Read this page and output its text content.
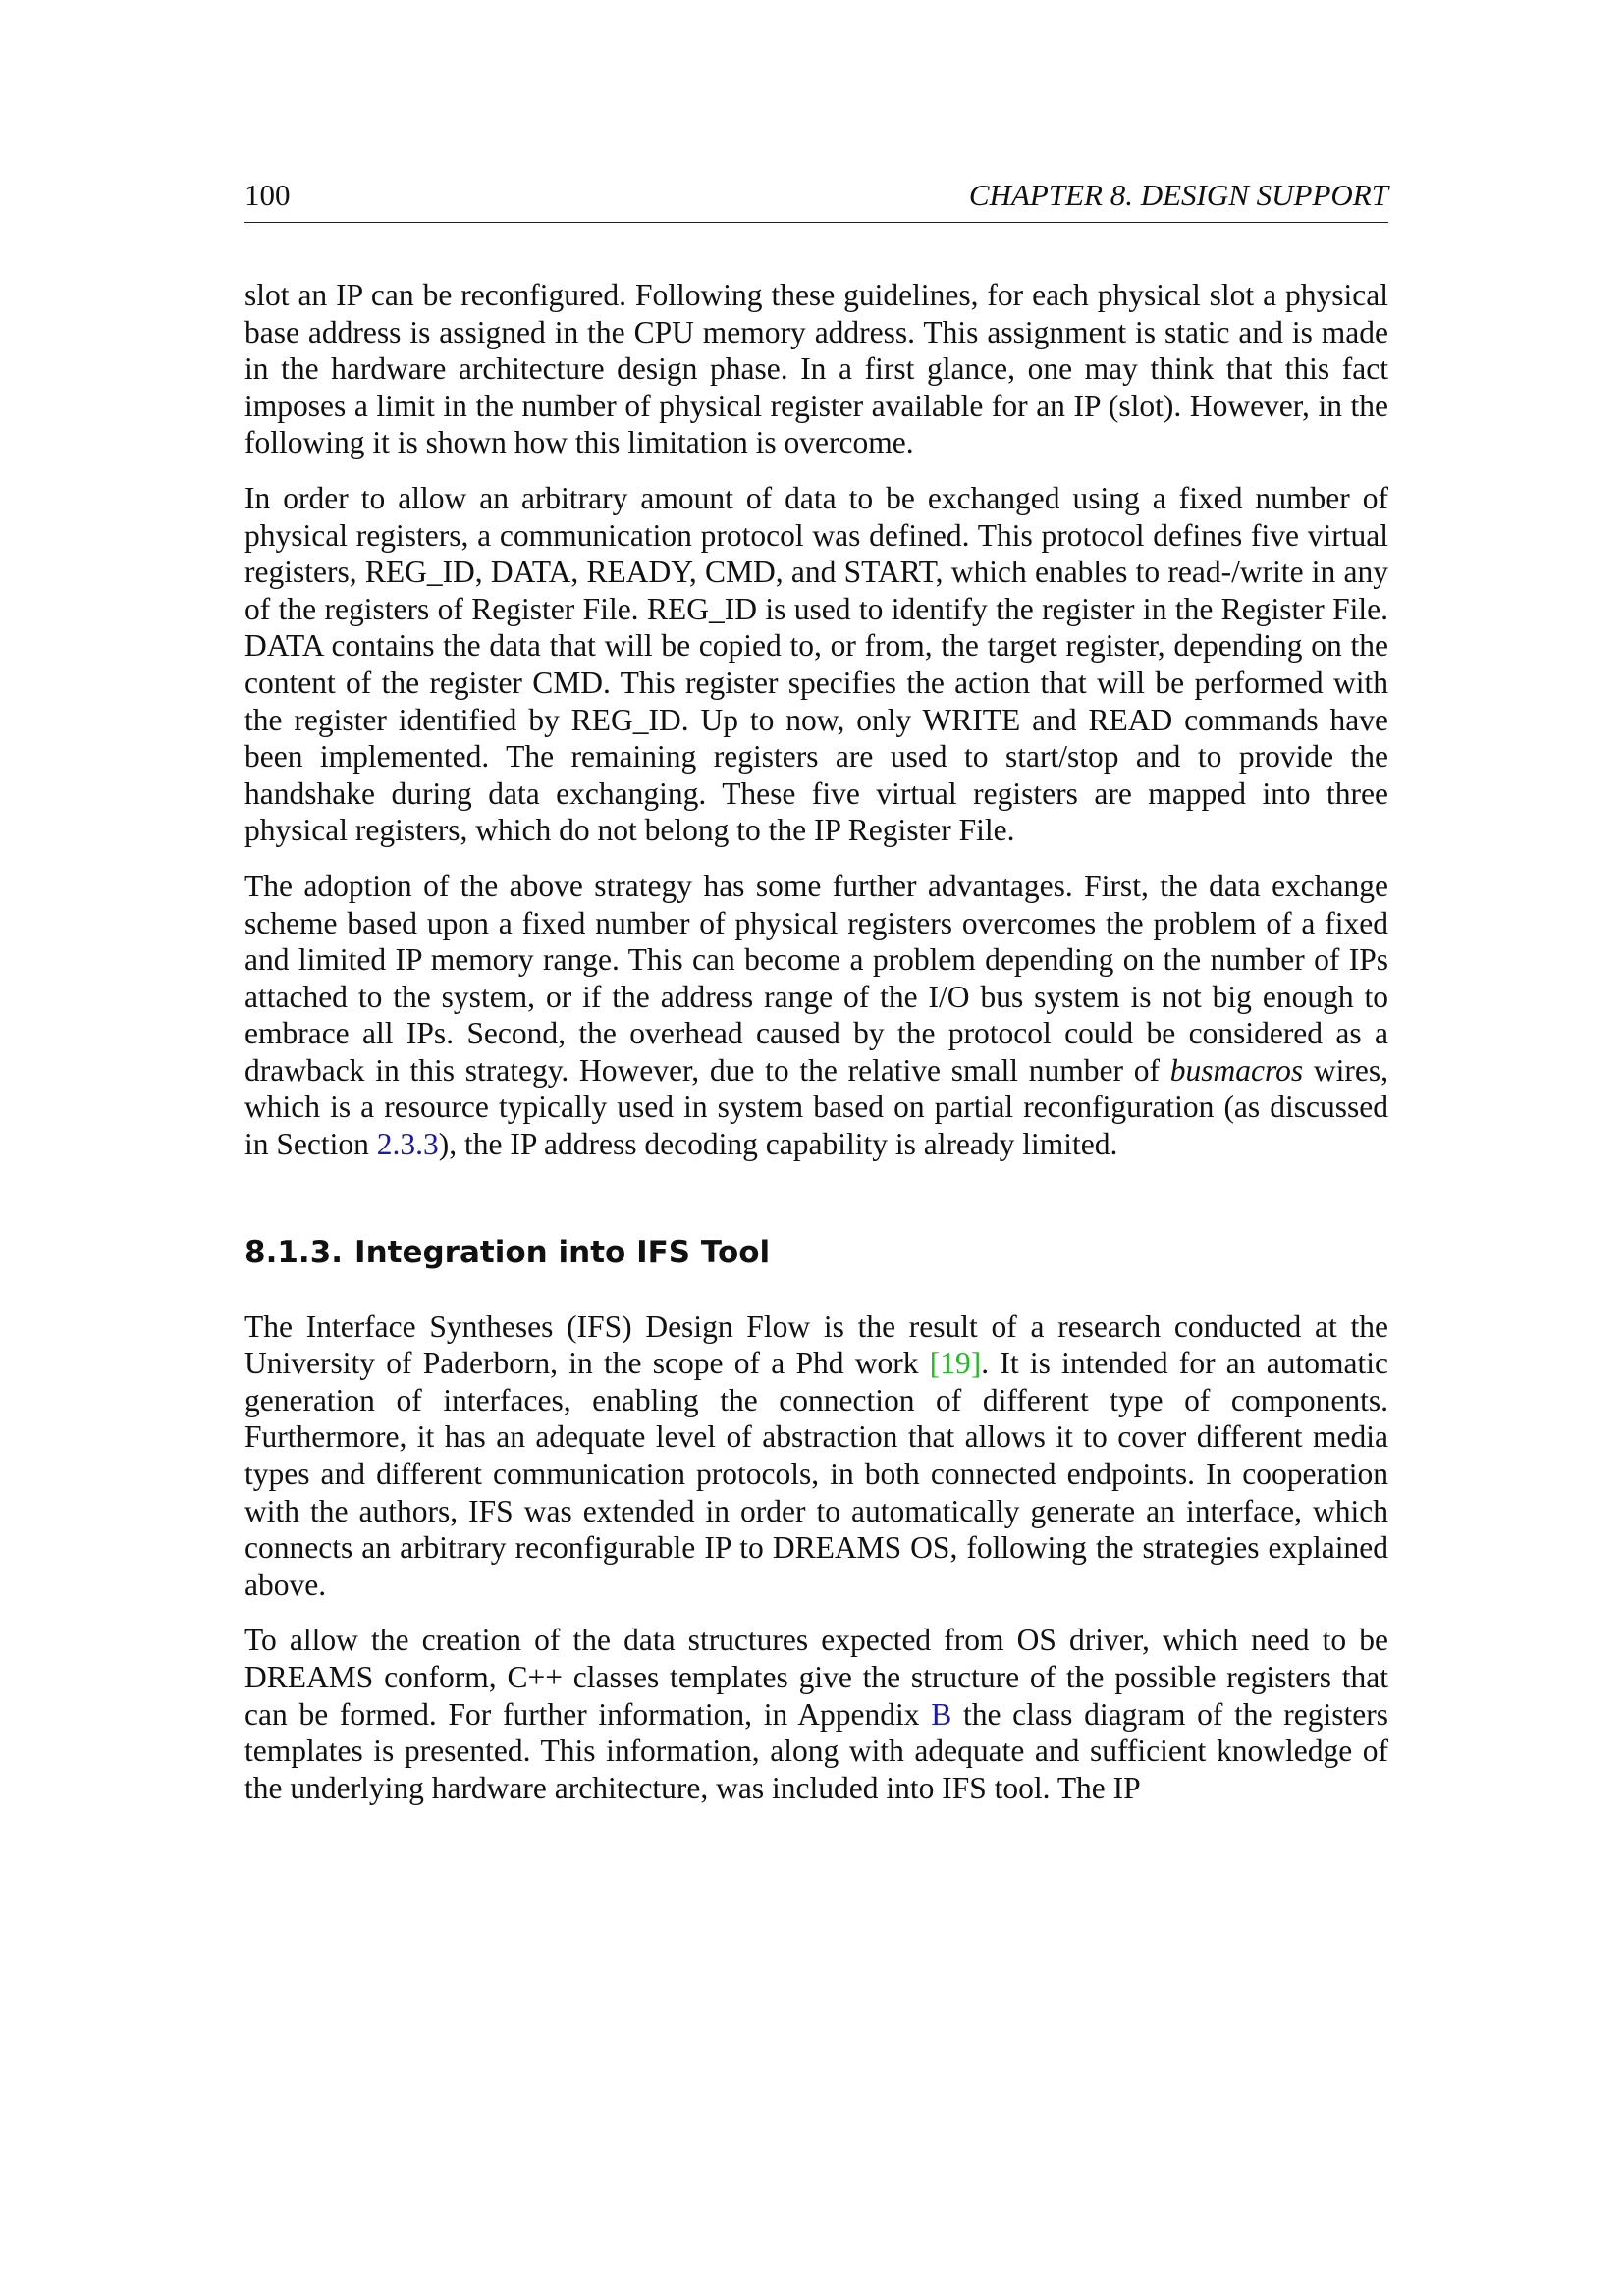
100	CHAPTER 8. DESIGN SUPPORT

slot an IP can be reconfigured. Following these guidelines, for each physical slot a physical base address is assigned in the CPU memory address. This assignment is static and is made in the hardware architecture design phase. In a first glance, one may think that this fact imposes a limit in the number of physical register available for an IP (slot). However, in the following it is shown how this limitation is overcome.

In order to allow an arbitrary amount of data to be exchanged using a fixed number of physical registers, a communication protocol was defined. This protocol defines five virtual registers, REG_ID, DATA, READY, CMD, and START, which enables to read-/write in any of the registers of Register File. REG_ID is used to identify the register in the Register File. DATA contains the data that will be copied to, or from, the target register, depending on the content of the register CMD. This register specifies the action that will be performed with the register identified by REG_ID. Up to now, only WRITE and READ commands have been implemented. The remaining registers are used to start/stop and to provide the handshake during data exchanging. These five virtual registers are mapped into three physical registers, which do not belong to the IP Register File.

The adoption of the above strategy has some further advantages. First, the data exchange scheme based upon a fixed number of physical registers overcomes the problem of a fixed and limited IP memory range. This can become a problem depending on the number of IPs attached to the system, or if the address range of the I/O bus system is not big enough to embrace all IPs. Second, the overhead caused by the protocol could be considered as a drawback in this strategy. However, due to the relative small number of busmacros wires, which is a resource typically used in system based on partial reconfiguration (as discussed in Section 2.3.3), the IP address decoding capability is already limited.

8.1.3. Integration into IFS Tool

The Interface Syntheses (IFS) Design Flow is the result of a research conducted at the University of Paderborn, in the scope of a Phd work [19]. It is intended for an automatic generation of interfaces, enabling the connection of different type of components. Furthermore, it has an adequate level of abstraction that allows it to cover different media types and different communication protocols, in both connected endpoints. In cooperation with the authors, IFS was extended in order to automatically generate an interface, which connects an arbitrary reconfigurable IP to DREAMS OS, following the strategies explained above.

To allow the creation of the data structures expected from OS driver, which need to be DREAMS conform, C++ classes templates give the structure of the possible registers that can be formed. For further information, in Appendix B the class diagram of the registers templates is presented. This information, along with adequate and sufficient knowledge of the underlying hardware architecture, was included into IFS tool. The IP
